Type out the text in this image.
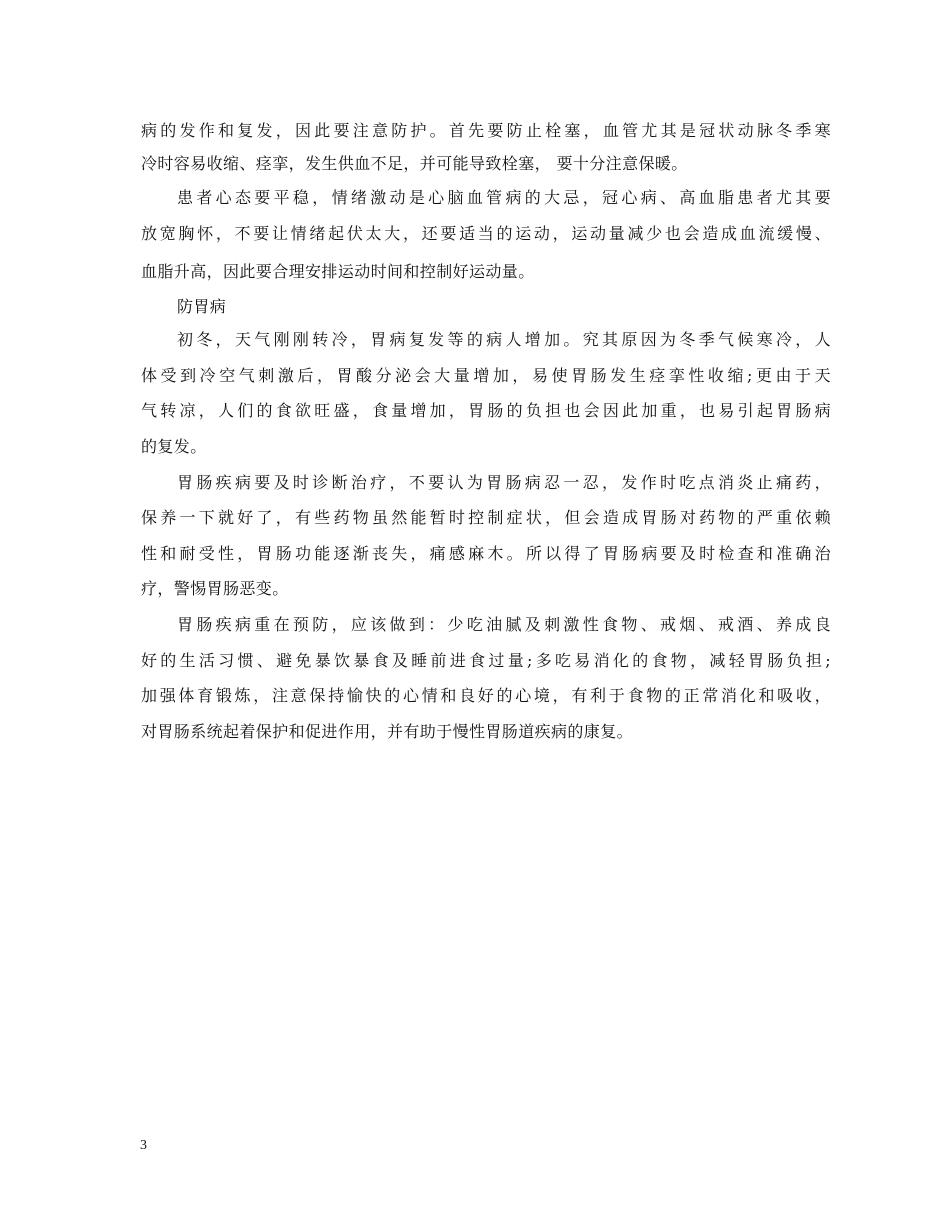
病的发作和复发，因此要注意防护。首先要防止栓塞，血管尤其是冠状动脉冬季寒
冷时容易收缩、痉挛，发生供血不足，并可能导致栓塞， 要十分注意保暖。
患者心态要平稳，情绪激动是心脑血管病的大忌，冠心病、高血脂患者尤其要
放宽胸怀，不要让情绪起伏太大，还要适当的运动，运动量减少也会造成血流缓慢、
血脂升高，因此要合理安排运动时间和控制好运动量。
防胃病
初冬，天气刚刚转冷，胃病复发等的病人增加。究其原因为冬季气候寒冷，人
体受到冷空气刺激后，胃酸分泌会大量增加，易使胃肠发生痉挛性收缩;更由于天
气转凉，人们的食欲旺盛，食量增加，胃肠的负担也会因此加重，也易引起胃肠病
的复发。
胃肠疾病要及时诊断治疗，不要认为胃肠病忍一忍，发作时吃点消炎止痛药，
保养一下就好了，有些药物虽然能暂时控制症状，但会造成胃肠对药物的严重依赖
性和耐受性，胃肠功能逐渐丧失，痛感麻木。所以得了胃肠病要及时检查和准确治
疗，警惕胃肠恶变。
胃肠疾病重在预防，应该做到：少吃油腻及刺激性食物、戒烟、戒酒、养成良
好的生活习惯、避免暴饮暴食及睡前进食过量;多吃易消化的食物，减轻胃肠负担;
加强体育锻炼，注意保持愉快的心情和良好的心境，有利于食物的正常消化和吸收，
对胃肠系统起着保护和促进作用，并有助于慢性胃肠道疾病的康复。
3
